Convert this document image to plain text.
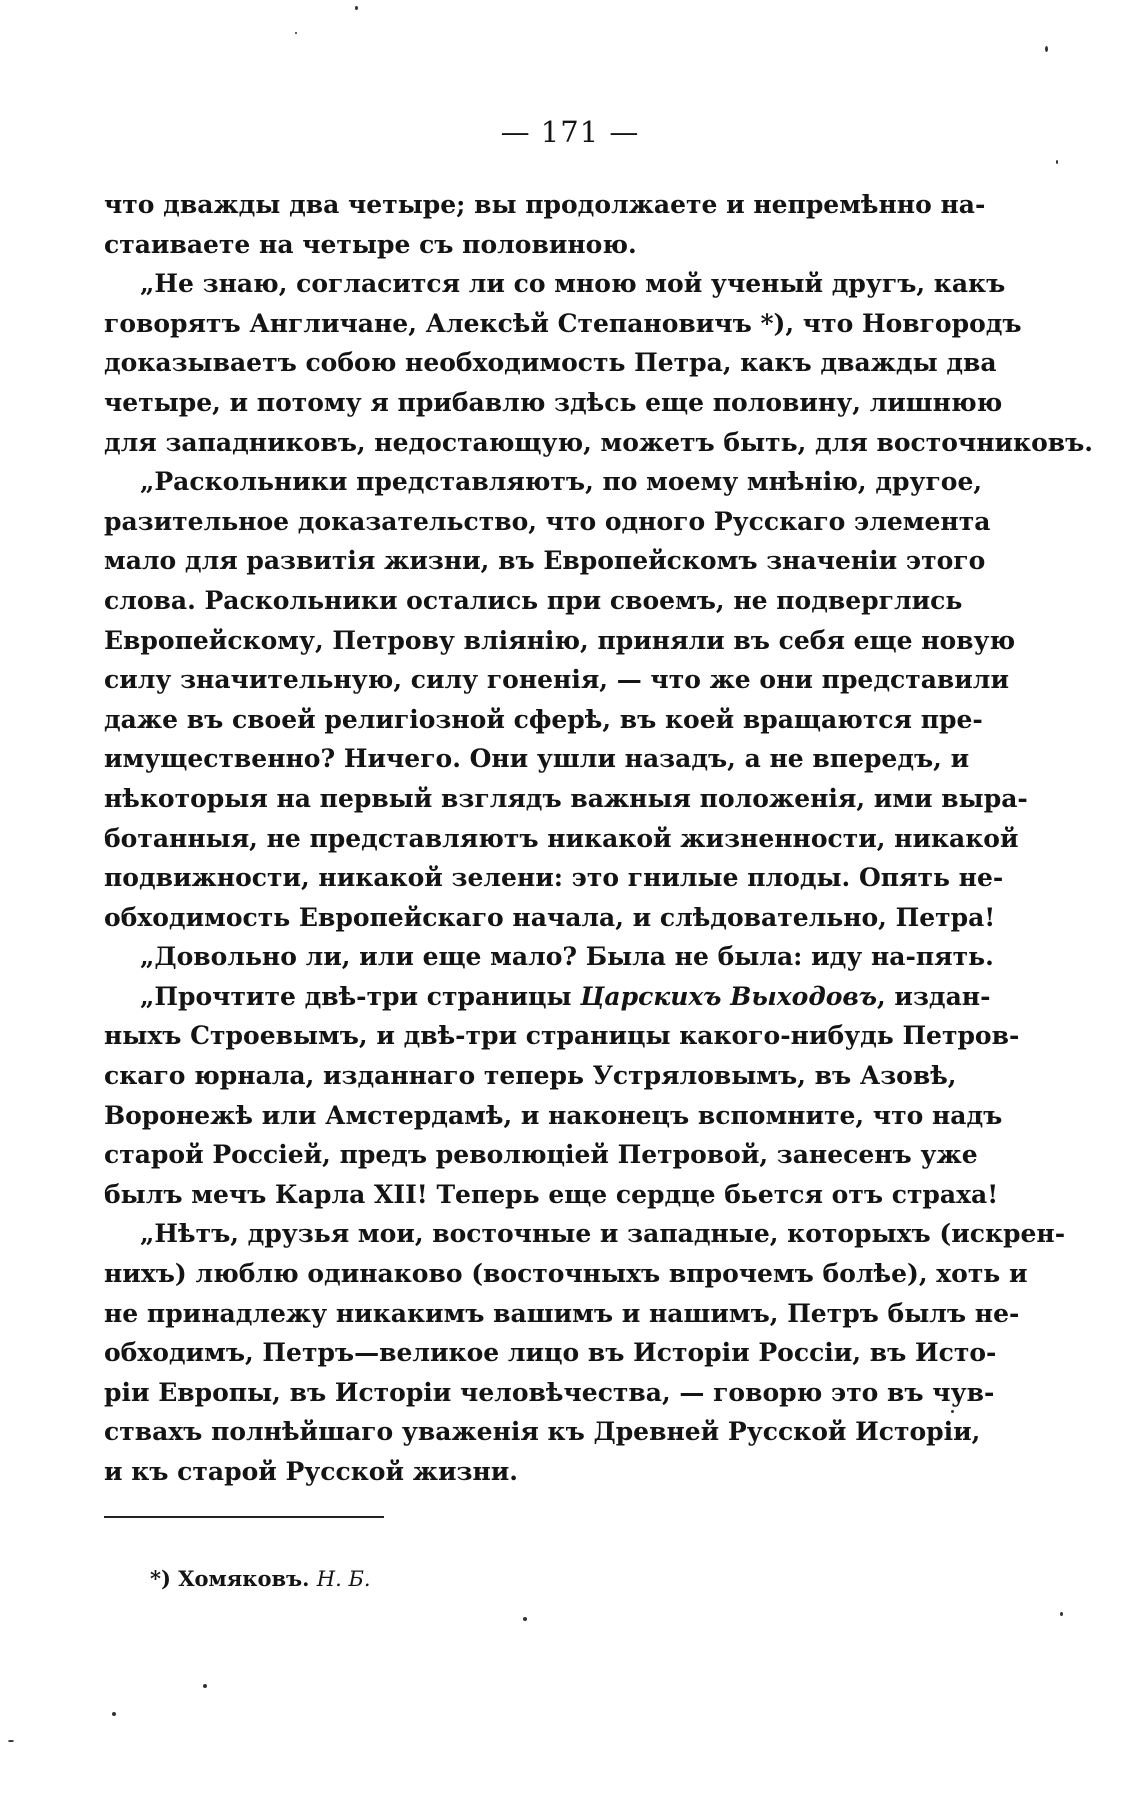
— 171 —
что дважды два четыре; вы продолжаете и непремѣнно на-
стаиваете на четыре съ половиною.
„Не знаю, согласится ли со мною мой ученый другъ, какъ
говорятъ Англичане, Алексѣй Степановичъ *), что Новгородъ
доказываетъ собою необходимость Петра, какъ дважды два
четыре, и потому я прибавлю здѣсь еще половину, лишнюю
для западниковъ, недостающую, можетъ быть, для восточниковъ.
„Раскольники представляютъ, по моему мнѣнію, другое,
разительное доказательство, что одного Русскаго элемента
мало для развитія жизни, въ Европейскомъ значеніи этого
слова. Раскольники остались при своемъ, не подверглись
Европейскому, Петрову влiянiю, приняли въ себя еще новую
силу значительную, силу гоненія, — что же они представили
даже въ своей религіозной сферѣ, въ коей вращаются пре-
имущественно? Ничего. Они ушли назадъ, а не впередъ, и
нѣкоторыя на первый взглядъ важныя положенія, ими выра-
ботанныя, не представляютъ никакой жизненности, никакой
подвижности, никакой зелени: это гнилые плоды. Опять не-
обходимость Европейскаго начала, и слѣдовательно, Петра!
„Довольно ли, или еще мало? Была не была: иду на-пять.
„Прочтите двѣ-три страницы Царскихъ Выходовъ, издан-
ныхъ Строевымъ, и двѣ-три страницы какого-нибудь Петров-
скаго юрнала, изданнаго теперь Устряловымъ, въ Азовѣ,
Воронежѣ или Амстердамѣ, и наконецъ вспомните, что надъ
старой Россіей, предъ революціей Петровой, занесенъ уже
былъ мечъ Карла XII! Теперь еще сердце бьется отъ страха!
„Нѣтъ, друзья мои, восточные и западные, которыхъ (искрен-
нихъ) люблю одинаково (восточныхъ впрочемъ болѣе), хоть и
не принадлежу никакимъ вашимъ и нашимъ, Петръ былъ не-
обходимъ, Петръ—великое лицо въ Исторіи Россіи, въ Исто-
ріи Европы, въ Исторіи человѣчества, — говорю это въ чув-
ствахъ полнѣйшаго уваженія къ Древней Русской Исторіи,
и къ старой Русской жизни.
*) Хомяковъ. Н. Б.
